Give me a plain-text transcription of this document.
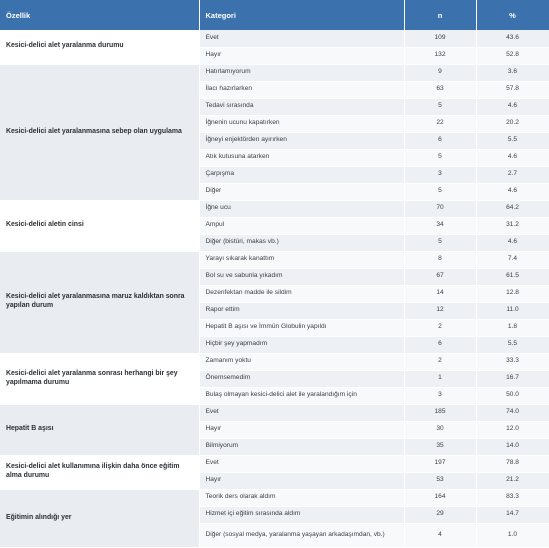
Özellik	Kategori	n	%
Kesici-delici alet yaralanma durumu	Evet	109	43.6
	Hayır	132	52.8
Kesici-delici alet yaralanmasına sebep olan uygulama	Hatırlamıyorum	9	3.6
	İlacı hazırlarken	63	57.8
	Tedavi sırasında	5	4.6
	İğnenin ucunu kapatırken	22	20.2
	İğneyi enjektörden ayırırken	6	5.5
	Atık kutusuna atarken	5	4.6
	Çarpışma	3	2.7
	Diğer	5	4.6
Kesici-delici aletin cinsi	İğne ucu	70	64.2
	Ampul	34	31.2
	Diğer (bistüri, makas vb.)	5	4.6
Kesici-delici alet yaralanmasına maruz kaldıktan sonra yapılan durum	Yarayı sıkarak kanattım	8	7.4
	Bol su ve sabunla yıkadım	67	61.5
	Dezenfektan madde ile sildim	14	12.8
	Rapor ettim	12	11.0
	Hepatit B aşısı ve İmmün Globulin yapıldı	2	1.8
	Hiçbir şey yapmadım	6	5.5
Kesici-delici alet yaralanma sonrası herhangi bir şey yapılmama durumu	Zamanım yoktu	2	33.3
	Önemsemedim	1	16.7
	Bulaş olmayan kesici-delici alet ile yaralandığım için	3	50.0
Hepatit B aşısı	Evet	185	74.0
	Hayır	30	12.0
	Bilmiyorum	35	14.0
Kesici-delici alet kullanımına ilişkin daha önce eğitim alma durumu	Evet	197	78.8
	Hayır	53	21.2
Eğitimin alındığı yer	Teorik ders olarak aldım	164	83.3
	Hizmet içi eğitim sırasında aldım	29	14.7
	Diğer (sosyal medya, yaralanma yaşayan arkadaşımdan, vb.)	4	1.0
